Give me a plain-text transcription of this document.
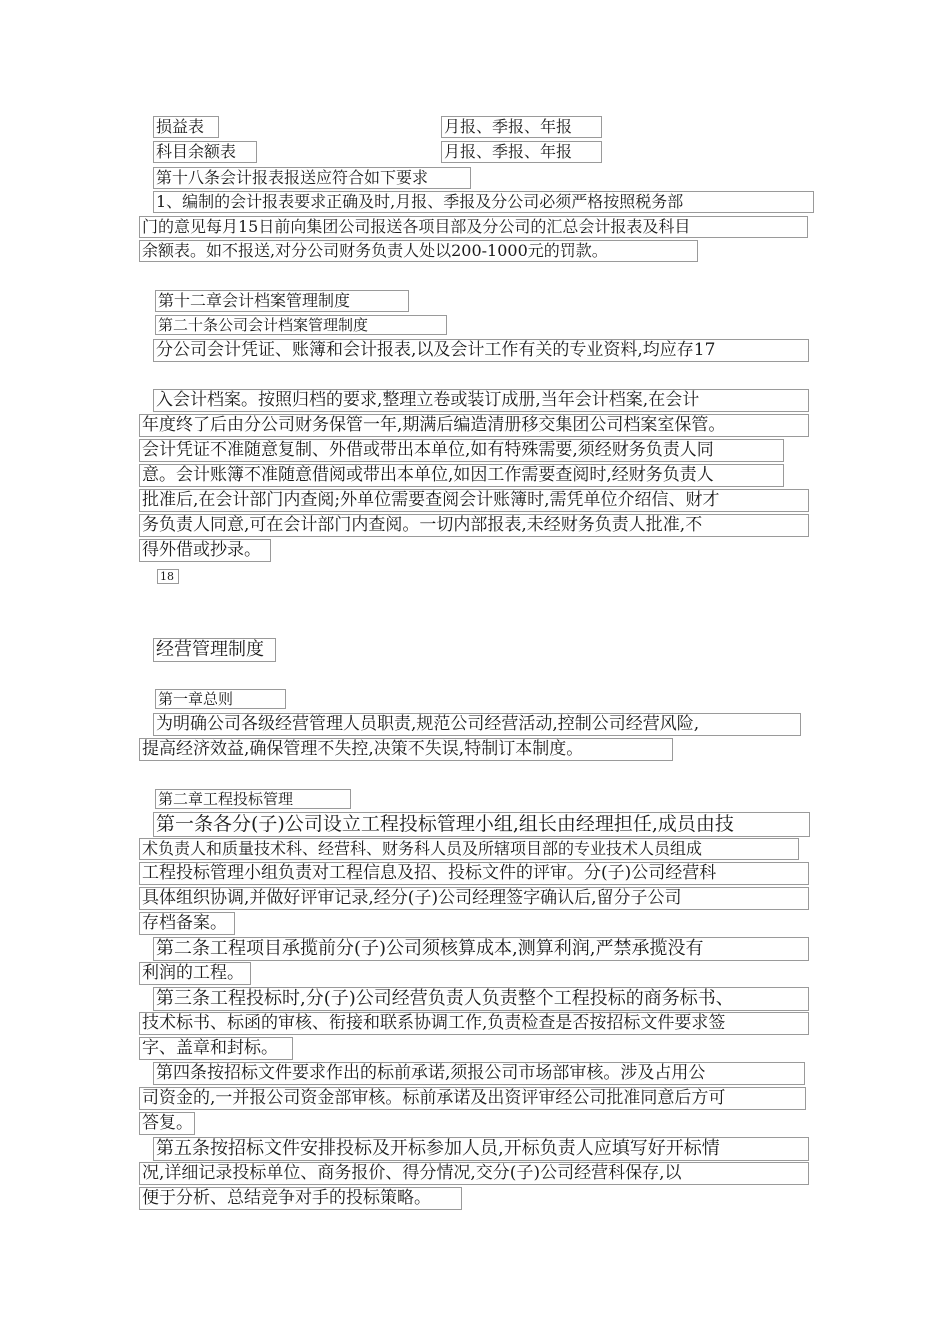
损益表	月报、季报、年报
科目余额表	月报、季报、年报
第十八条会计报表报送应符合如下要求
1、编制的会计报表要求正确及时,月报、季报及分公司必须严格按照税务部
门的意见每月15日前向集团公司报送各项目部及分公司的汇总会计报表及科目
余额表。如不报送,对分公司财务负责人处以200-1000元的罚款。
第十二章会计档案管理制度
第二十条公司会计档案管理制度
分公司会计凭证、账簿和会计报表,以及会计工作有关的专业资料,均应存17
入会计档案。按照归档的要求,整理立卷或装订成册,当年会计档案,在会计
年度终了后由分公司财务保管一年,期满后编造清册移交集团公司档案室保管。
会计凭证不准随意复制、外借或带出本单位,如有特殊需要,须经财务负责人同
意。会计账簿不准随意借阅或带出本单位,如因工作需要查阅时,经财务负责人
批准后,在会计部门内查阅;外单位需要查阅会计账簿时,需凭单位介绍信、财才
务负责人同意,可在会计部门内查阅。一切内部报表,未经财务负责人批准,不
得外借或抄录。
18
经营管理制度
第一章总则
为明确公司各级经营管理人员职责,规范公司经营活动,控制公司经营风险,
提高经济效益,确保管理不失控,决策不失误,特制订本制度。
第二章工程投标管理
第一条各分(子)公司设立工程投标管理小组,组长由经理担任,成员由技
术负责人和质量技术科、经营科、财务科人员及所辖项目部的专业技术人员组成
工程投标管理小组负责对工程信息及招、投标文件的评审。分(子)公司经营科
具体组织协调,并做好评审记录,经分(子)公司经理签字确认后,留分子公司
存档备案。
第二条工程项目承揽前分(子)公司须核算成本,测算利润,严禁承揽没有
利润的工程。
第三条工程投标时,分(子)公司经营负责人负责整个工程投标的商务标书、
技术标书、标函的审核、衔接和联系协调工作,负责检查是否按招标文件要求签
字、盖章和封标。
第四条按招标文件要求作出的标前承诺,须报公司市场部审核。涉及占用公
司资金的,一并报公司资金部审核。标前承诺及出资评审经公司批准同意后方可
答复。
第五条按招标文件安排投标及开标参加人员,开标负责人应填写好开标情
况,详细记录投标单位、商务报价、得分情况,交分(子)公司经营科保存,以
便于分析、总结竞争对手的投标策略。
